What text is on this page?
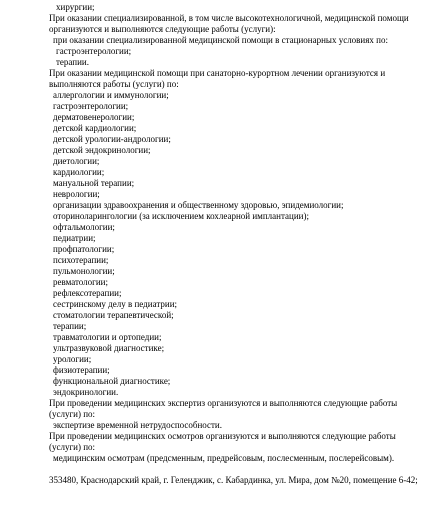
хирургии;
При оказании специализированной, в том числе высокотехнологичной, медицинской помощи
организуются и выполняются следующие работы (услуги):
при оказании специализированной медицинской помощи в стационарных условиях по:
гастроэнтерологии;
терапии.
При оказании медицинской помощи при санаторно-курортном лечении организуются и
выполняются работы (услуги) по:
аллергологии и иммунологии;
гастроэнтерологии;
дерматовенерологии;
детской кардиологии;
детской урологии-андрологии;
детской эндокринологии;
диетологии;
кардиологии;
мануальной терапии;
неврологии;
организации здравоохранения и общественному здоровью, эпидемиологии;
оториноларингологии (за исключением кохлеарной имплантации);
офтальмологии;
педиатрии;
профпатологии;
психотерапии;
пульмонологии;
ревматологии;
рефлексотерапии;
сестринскому делу в педиатрии;
стоматологии терапевтической;
терапии;
травматологии и ортопедии;
ультразвуковой диагностике;
урологии;
физиотерапии;
функциональной диагностике;
эндокринологии.
При проведении медицинских экспертиз организуются и выполняются следующие работы
(услуги) по:
экспертизе временной нетрудоспособности.
При проведении медицинских осмотров организуются и выполняются следующие работы
(услуги) по:
медицинским осмотрам (предсменным, предрейсовым, послесменным, послерейсовым).
353480, Краснодарский край, г. Геленджик, с. Кабардинка, ул. Мира, дом №20, помещение 6-42;
